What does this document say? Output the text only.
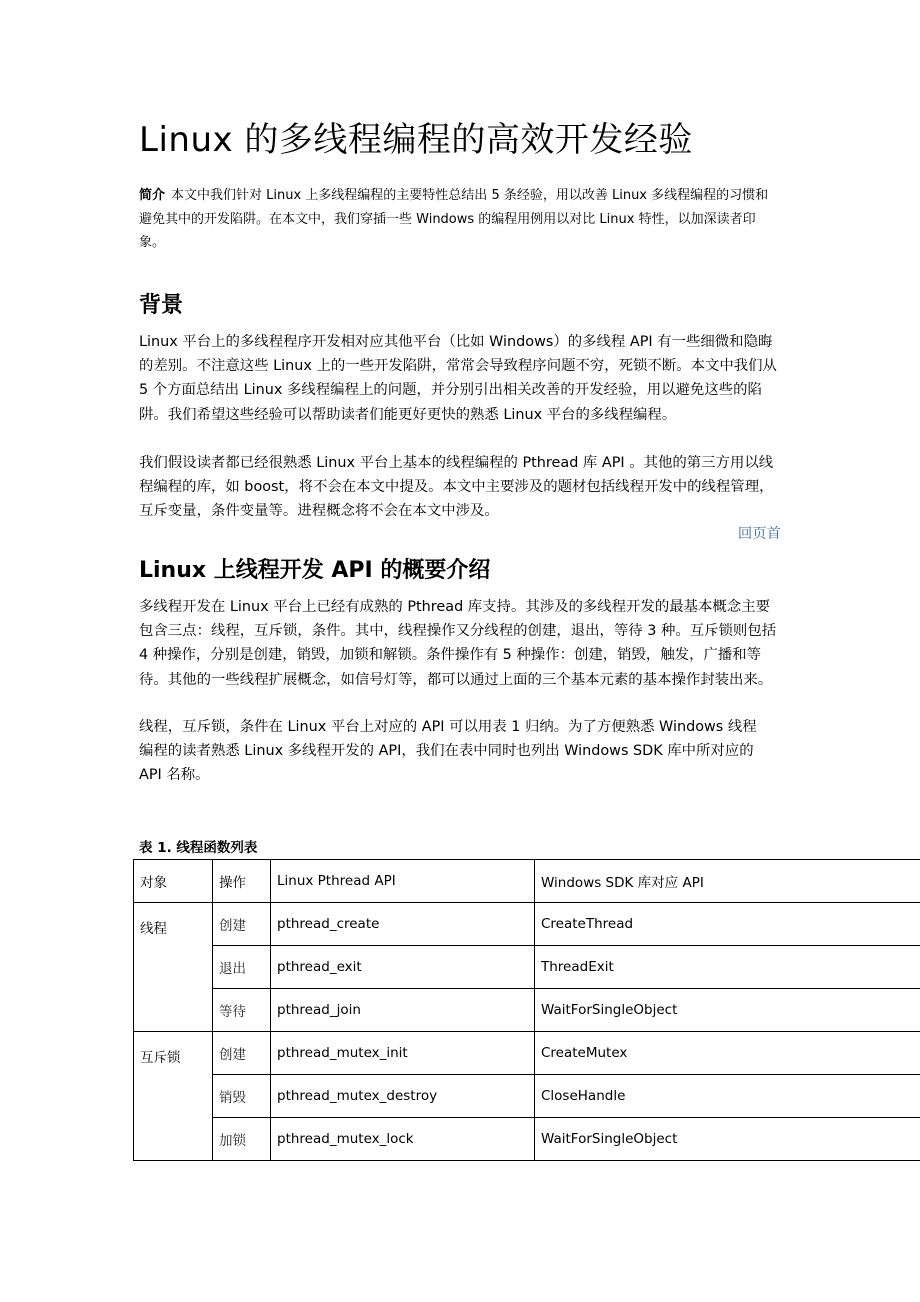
Linux 的多线程编程的高效开发经验

简介 本文中我们针对 Linux 上多线程编程的主要特性总结出 5 条经验，用以改善 Linux 多线程编程的习惯和避免其中的开发陷阱。在本文中，我们穿插一些 Windows 的编程用例用以对比 Linux 特性，以加深读者印象。

背景

Linux 平台上的多线程程序开发相对应其他平台（比如 Windows）的多线程 API 有一些细微和隐晦的差别。不注意这些 Linux 上的一些开发陷阱，常常会导致程序问题不穷，死锁不断。本文中我们从 5 个方面总结出 Linux 多线程编程上的问题，并分别引出相关改善的开发经验，用以避免这些的陷阱。我们希望这些经验可以帮助读者们能更好更快的熟悉 Linux 平台的多线程编程。

我们假设读者都已经很熟悉 Linux 平台上基本的线程编程的 Pthread 库 API 。其他的第三方用以线程编程的库，如 boost，将不会在本文中提及。本文中主要涉及的题材包括线程开发中的线程管理，互斥变量，条件变量等。进程概念将不会在本文中涉及。

回页首
Linux 上线程开发 API 的概要介绍

多线程开发在 Linux 平台上已经有成熟的 Pthread 库支持。其涉及的多线程开发的最基本概念主要包含三点：线程，互斥锁，条件。其中，线程操作又分线程的创建，退出，等待 3 种。互斥锁则包括 4 种操作，分别是创建，销毁，加锁和解锁。条件操作有 5 种操作：创建，销毁，触发，广播和等待。其他的一些线程扩展概念，如信号灯等，都可以通过上面的三个基本元素的基本操作封装出来。

线程，互斥锁，条件在 Linux 平台上对应的 API 可以用表 1 归纳。为了方便熟悉 Windows 线程编程的读者熟悉 Linux 多线程开发的 API，我们在表中同时也列出 Windows SDK 库中所对应的 API 名称。

表 1. 线程函数列表

对象	操作	Linux Pthread API	Windows SDK 库对应 API
线程	创建	pthread_create	CreateThread
	退出	pthread_exit	ThreadExit
	等待	pthread_join	WaitForSingleObject
互斥锁	创建	pthread_mutex_init	CreateMutex
	销毁	pthread_mutex_destroy	CloseHandle
	加锁	pthread_mutex_lock	WaitForSingleObject
